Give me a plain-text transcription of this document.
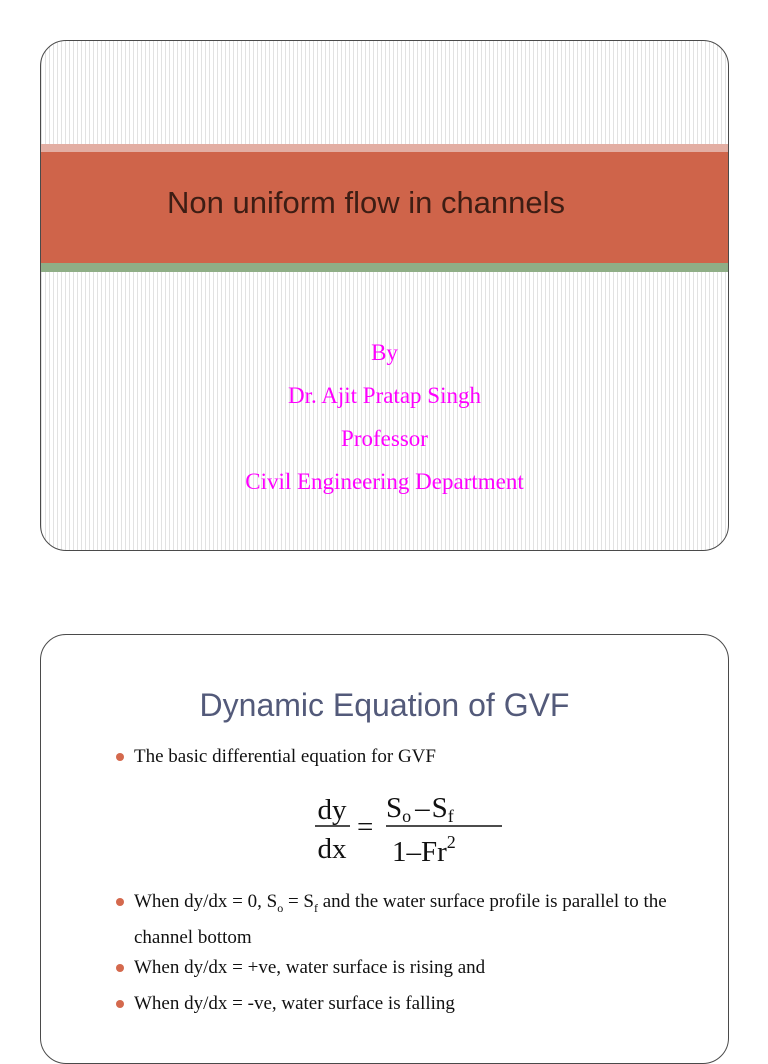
Non uniform flow in channels
By
Dr. Ajit Pratap Singh
Professor
Civil Engineering Department
Dynamic Equation of GVF
The basic differential equation for GVF
When dy/dx = 0, $S_o = S_f$ and the water surface profile is parallel to the channel bottom
When dy/dx = +ve, water surface is rising and
When dy/dx = -ve, water surface is falling
dy
dx
=
So –Sf
1–Fr$^2$
